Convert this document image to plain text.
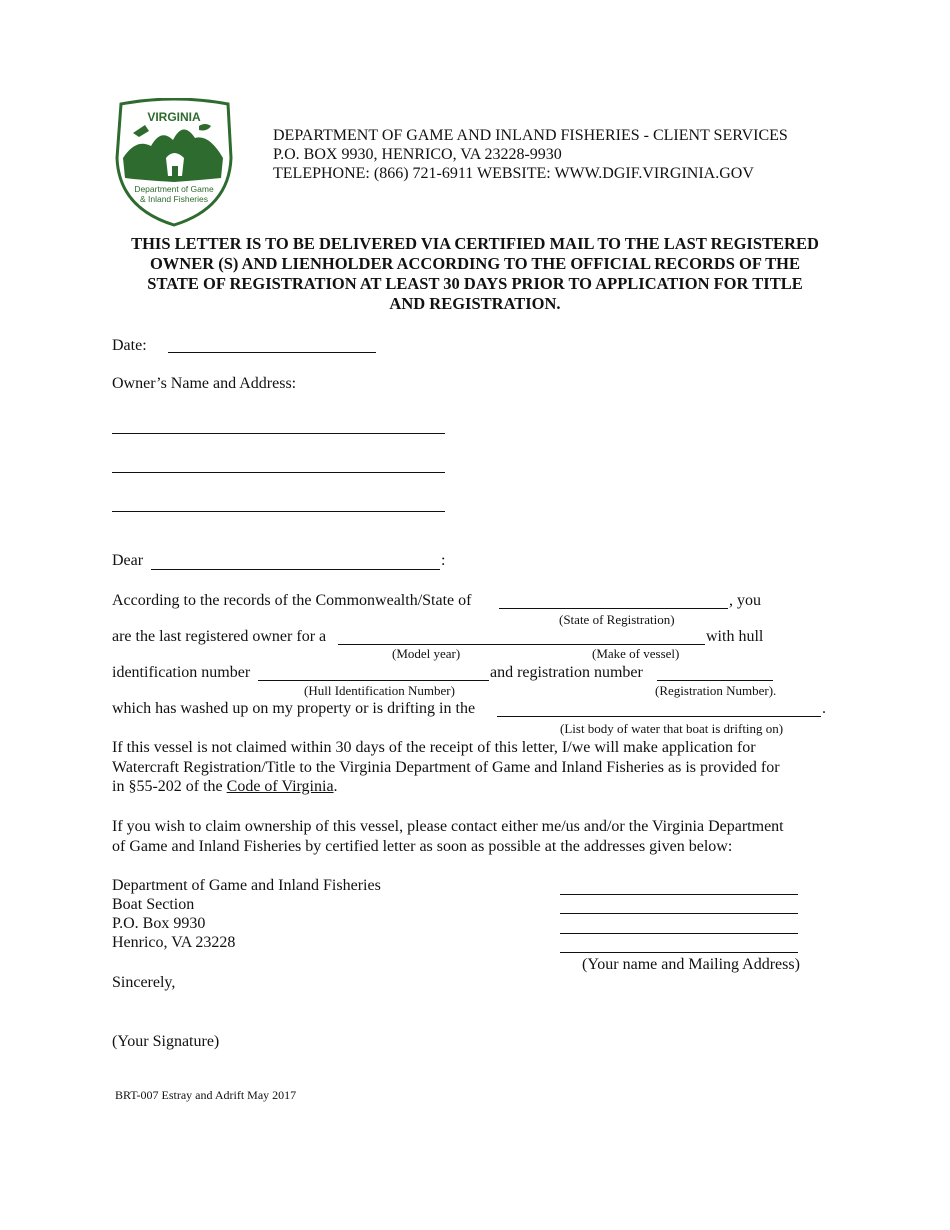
VIRGINIA
Department of Game
& Inland Fisheries
DEPARTMENT OF GAME AND INLAND FISHERIES - CLIENT SERVICES
P.O. BOX 9930, HENRICO, VA 23228-9930
TELEPHONE: (866) 721-6911 WEBSITE: WWW.DGIF.VIRGINIA.GOV
THIS LETTER IS TO BE DELIVERED VIA CERTIFIED MAIL TO THE LAST REGISTERED
OWNER (S) AND LIENHOLDER ACCORDING TO THE OFFICIAL RECORDS OF THE
STATE OF REGISTRATION AT LEAST 30 DAYS PRIOR TO APPLICATION FOR TITLE
AND REGISTRATION.
Date:
Owner’s Name and Address:
Dear	:
According to the records of the Commonwealth/State of	, you
(State of Registration)
are the last registered owner for a	with hull
(Model year)	(Make of vessel)
identification number	and registration number
(Hull Identification Number)	(Registration Number).
which has washed up on my property or is drifting in the	.
(List body of water that boat is drifting on)
If this vessel is not claimed within 30 days of the receipt of this letter, I/we will make application for
Watercraft Registration/Title to the Virginia Department of Game and Inland Fisheries as is provided for
in §55-202 of the Code of Virginia.
If you wish to claim ownership of this vessel, please contact either me/us and/or the Virginia Department
of Game and Inland Fisheries by certified letter as soon as possible at the addresses given below:
Department of Game and Inland Fisheries
Boat Section
P.O. Box 9930
Henrico, VA 23228
(Your name and Mailing Address)
Sincerely,
(Your Signature)
BRT-007 Estray and Adrift May 2017
